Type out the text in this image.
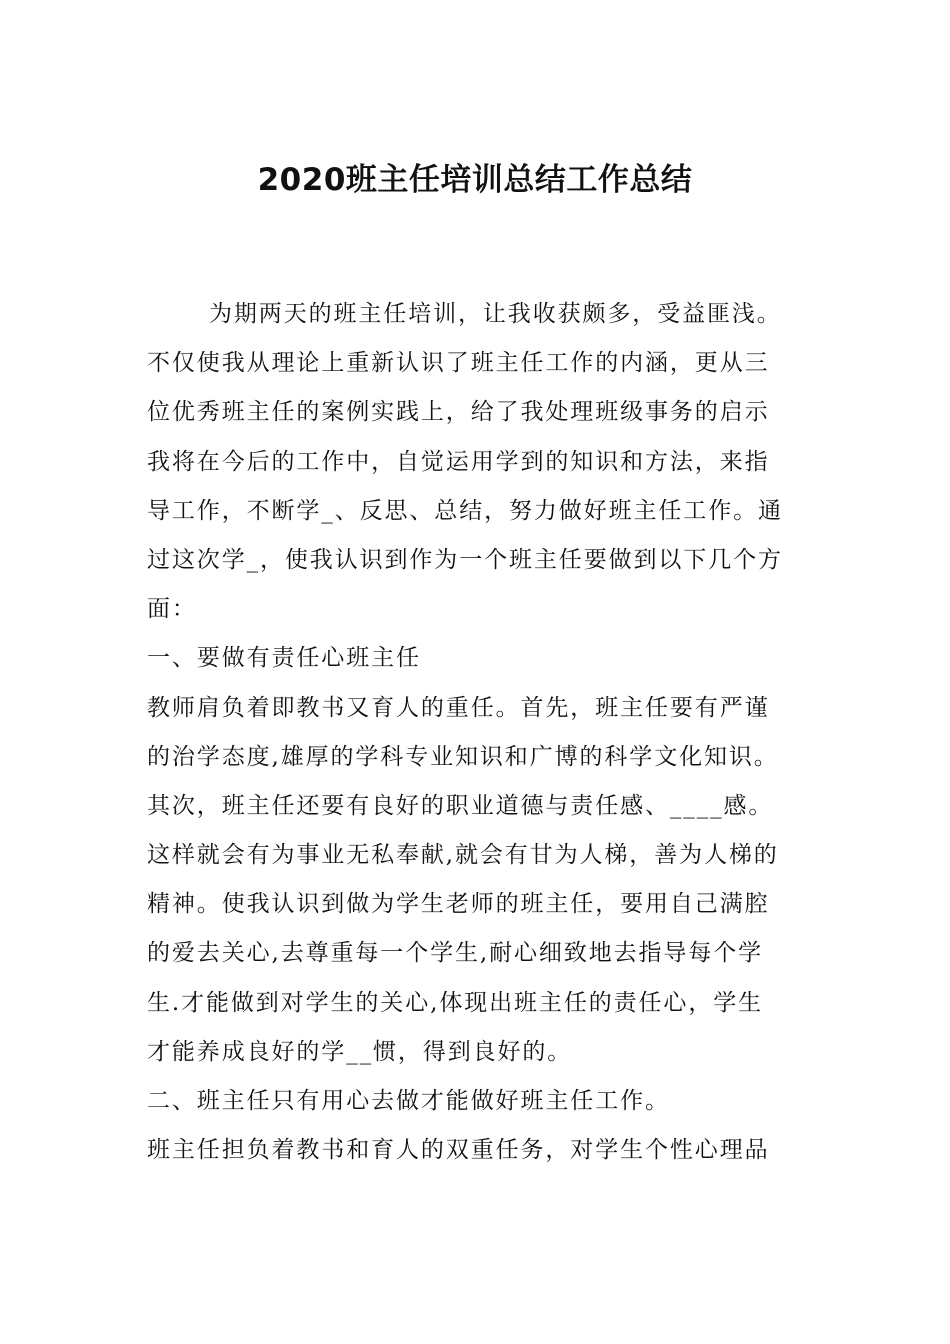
2020班主任培训总结工作总结
为期两天的班主任培训，让我收获颇多，受益匪浅。
不仅使我从理论上重新认识了班主任工作的内涵，更从三
位优秀班主任的案例实践上，给了我处理班级事务的启示
我将在今后的工作中，自觉运用学到的知识和方法，来指
导工作，不断学_、反思、总结，努力做好班主任工作。通
过这次学_，使我认识到作为一个班主任要做到以下几个方
面：
一、要做有责任心班主任
教师肩负着即教书又育人的重任。首先，班主任要有严谨
的治学态度,雄厚的学科专业知识和广博的科学文化知识。
其次，班主任还要有良好的职业道德与责任感、____感。
这样就会有为事业无私奉献,就会有甘为人梯，善为人梯的
精神。使我认识到做为学生老师的班主任，要用自己满腔
的爱去关心,去尊重每一个学生,耐心细致地去指导每个学
生.才能做到对学生的关心,体现出班主任的责任心，学生
才能养成良好的学__惯，得到良好的。
二、班主任只有用心去做才能做好班主任工作。
班主任担负着教书和育人的双重任务，对学生个性心理品
